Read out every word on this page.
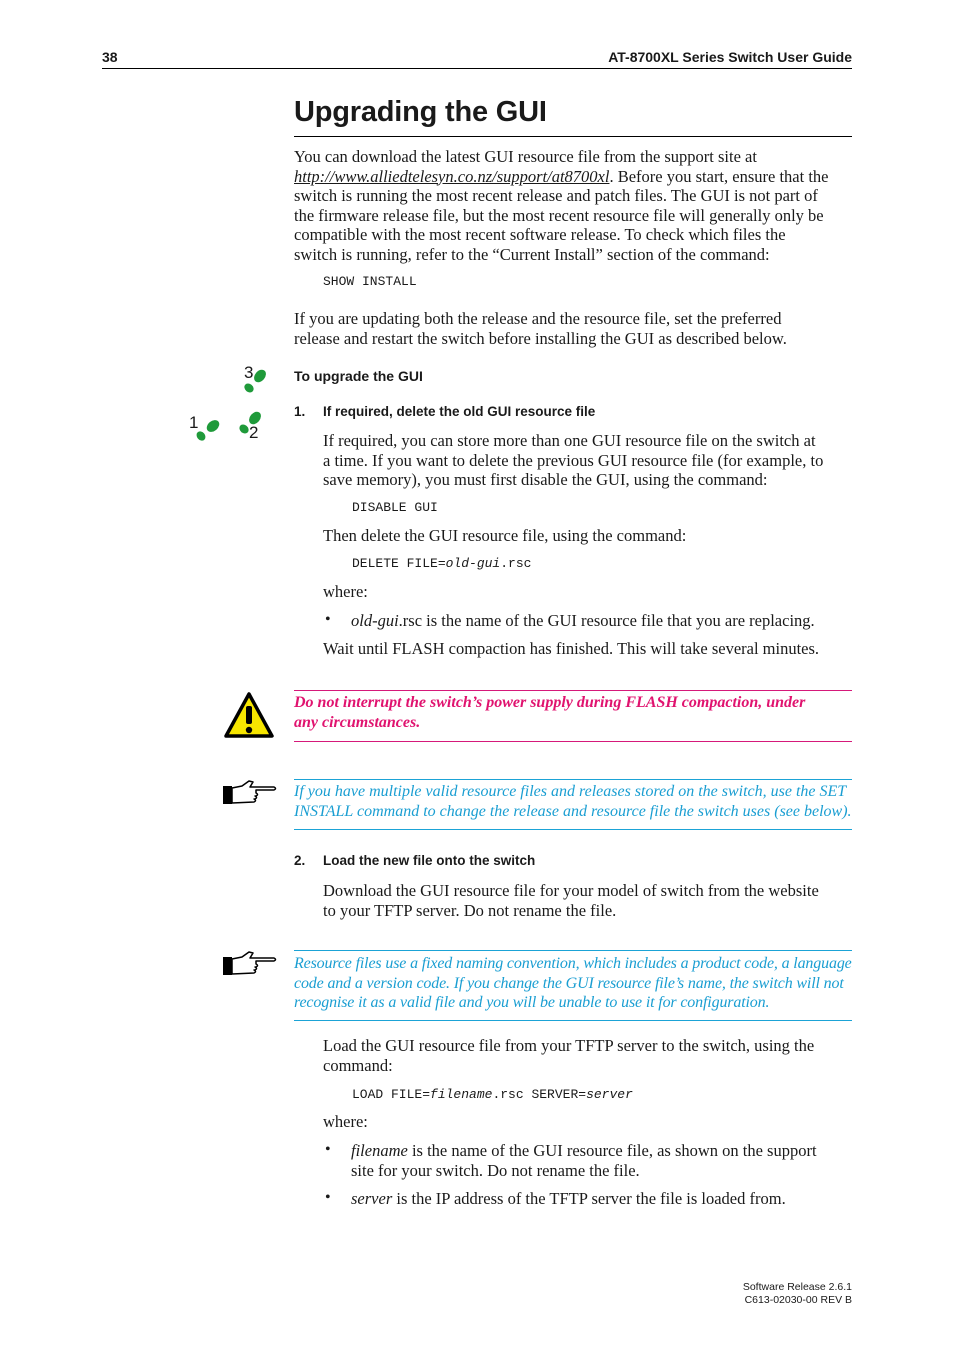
38	AT-8700XL Series Switch User Guide
Upgrading the GUI
You can download the latest GUI resource file from the support site at
http://www.alliedtelesyn.co.nz/support/at8700xl. Before you start, ensure that the
switch is running the most recent release and patch files. The GUI is not part of
the firmware release file, but the most recent resource file will generally only be
compatible with the most recent software release. To check which files the
switch is running, refer to the “Current Install” section of the command:
SHOW INSTALL
If you are updating both the release and the resource file, set the preferred
release and restart the switch before installing the GUI as described below.
3
1
2
To upgrade the GUI
1. If required, delete the old GUI resource file
If required, you can store more than one GUI resource file on the switch at
a time. If you want to delete the previous GUI resource file (for example, to
save memory), you must first disable the GUI, using the command:
DISABLE GUI
Then delete the GUI resource file, using the command:
DELETE FILE=old-gui.rsc
where:
• old-gui.rsc is the name of the GUI resource file that you are replacing.
Wait until FLASH compaction has finished. This will take several minutes.
Do not interrupt the switch’s power supply during FLASH compaction, under
any circumstances.
If you have multiple valid resource files and releases stored on the switch, use the SET
INSTALL command to change the release and resource file the switch uses (see below).
2. Load the new file onto the switch
Download the GUI resource file for your model of switch from the website
to your TFTP server. Do not rename the file.
Resource files use a fixed naming convention, which includes a product code, a language
code and a version code. If you change the GUI resource file’s name, the switch will not
recognise it as a valid file and you will be unable to use it for configuration.
Load the GUI resource file from your TFTP server to the switch, using the
command:
LOAD FILE=filename.rsc SERVER=server
where:
• filename is the name of the GUI resource file, as shown on the support
site for your switch. Do not rename the file.
• server is the IP address of the TFTP server the file is loaded from.
Software Release 2.6.1
C613-02030-00 REV B
